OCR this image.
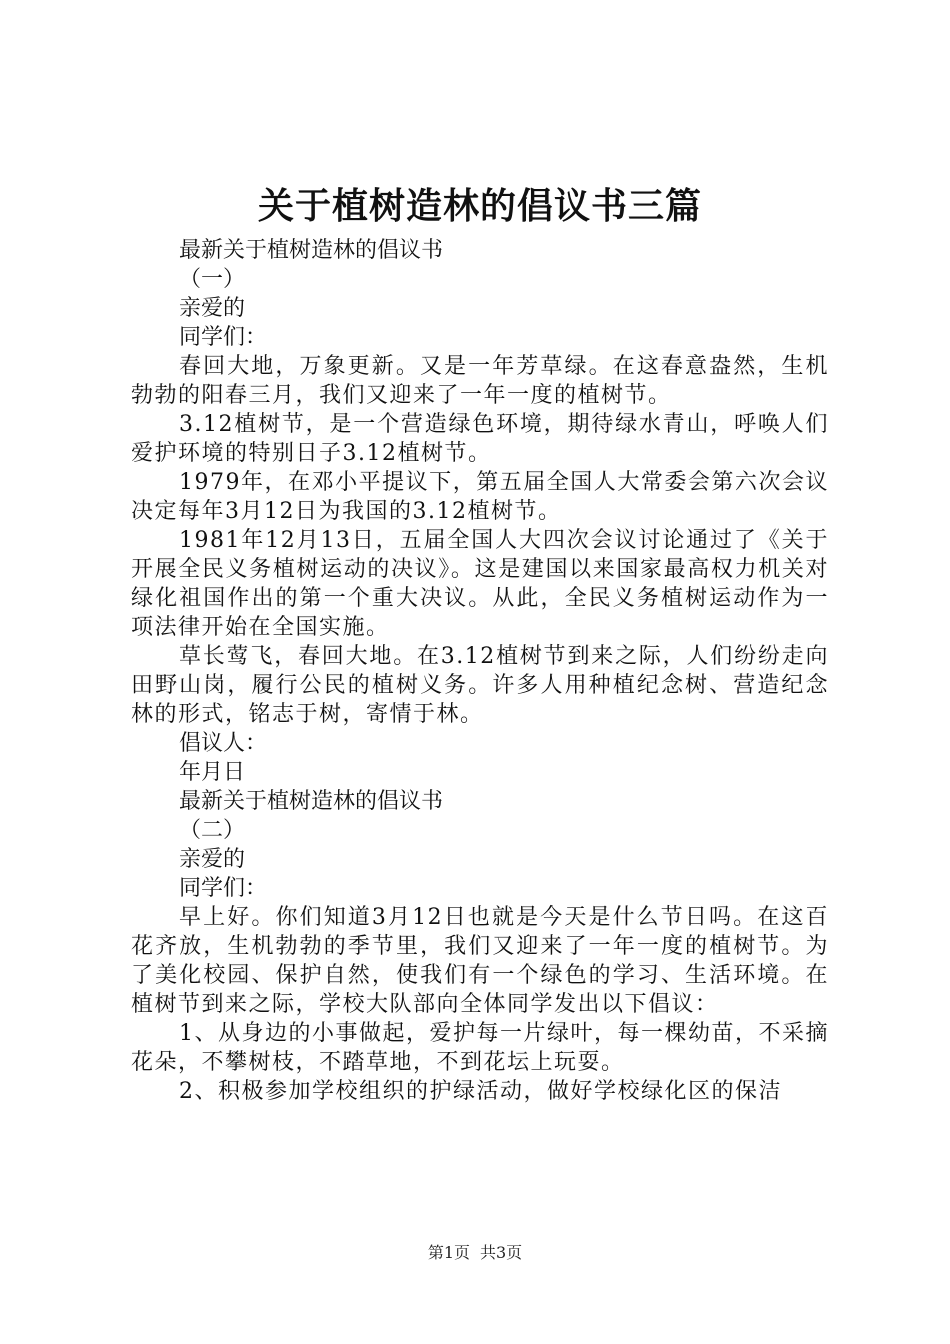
关于植树造林的倡议书三篇

最新关于植树造林的倡议书

（一）

亲爱的

同学们：

春回大地，万象更新。又是一年芳草绿。在这春意盎然，生机勃勃的阳春三月，我们又迎来了一年一度的植树节。

3.12植树节，是一个营造绿色环境，期待绿水青山，呼唤人们爱护环境的特别日子3.12植树节。

1979年，在邓小平提议下，第五届全国人大常委会第六次会议决定每年3月12日为我国的3.12植树节。

1981年12月13日，五届全国人大四次会议讨论通过了《关于开展全民义务植树运动的决议》。这是建国以来国家最高权力机关对绿化祖国作出的第一个重大决议。从此，全民义务植树运动作为一项法律开始在全国实施。

草长莺飞，春回大地。在3.12植树节到来之际，人们纷纷走向田野山岗，履行公民的植树义务。许多人用种植纪念树、营造纪念林的形式，铭志于树，寄情于林。

倡议人：

年月日

最新关于植树造林的倡议书

（二）

亲爱的

同学们：

早上好。你们知道3月12日也就是今天是什么节日吗。在这百花齐放，生机勃勃的季节里，我们又迎来了一年一度的植树节。为了美化校园、保护自然，使我们有一个绿色的学习、生活环境。在植树节到来之际，学校大队部向全体同学发出以下倡议：

1、从身边的小事做起，爱护每一片绿叶，每一棵幼苗，不采摘花朵，不攀树枝，不踏草地，不到花坛上玩耍。

2、积极参加学校组织的护绿活动，做好学校绿化区的保洁

第1页 共3页
